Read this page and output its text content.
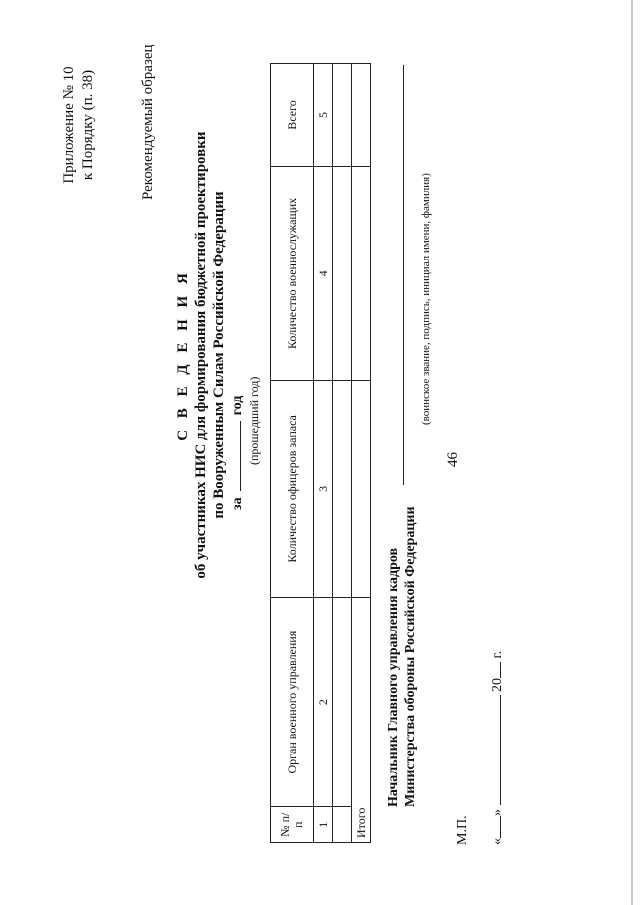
46
Приложение № 10 к Порядку (п. 38)	Рекомендуемый образец
С В Е Д Е Н И Я об участниках НИС для формирования бюджетной проектировки по Вооруженным Силам Российской Федерации загод (прошедший год)
№ п/п	Орган военного управления	Количество офицеров запаса	Количество военнослужащих	Всего
1	2	3	4	5

Итого				
Начальник Главного управления кадров Министерства обороны Российской Федерации
(воинское звание, подпись, инициал имени, фамилия)
М.П. «»  20 г.
